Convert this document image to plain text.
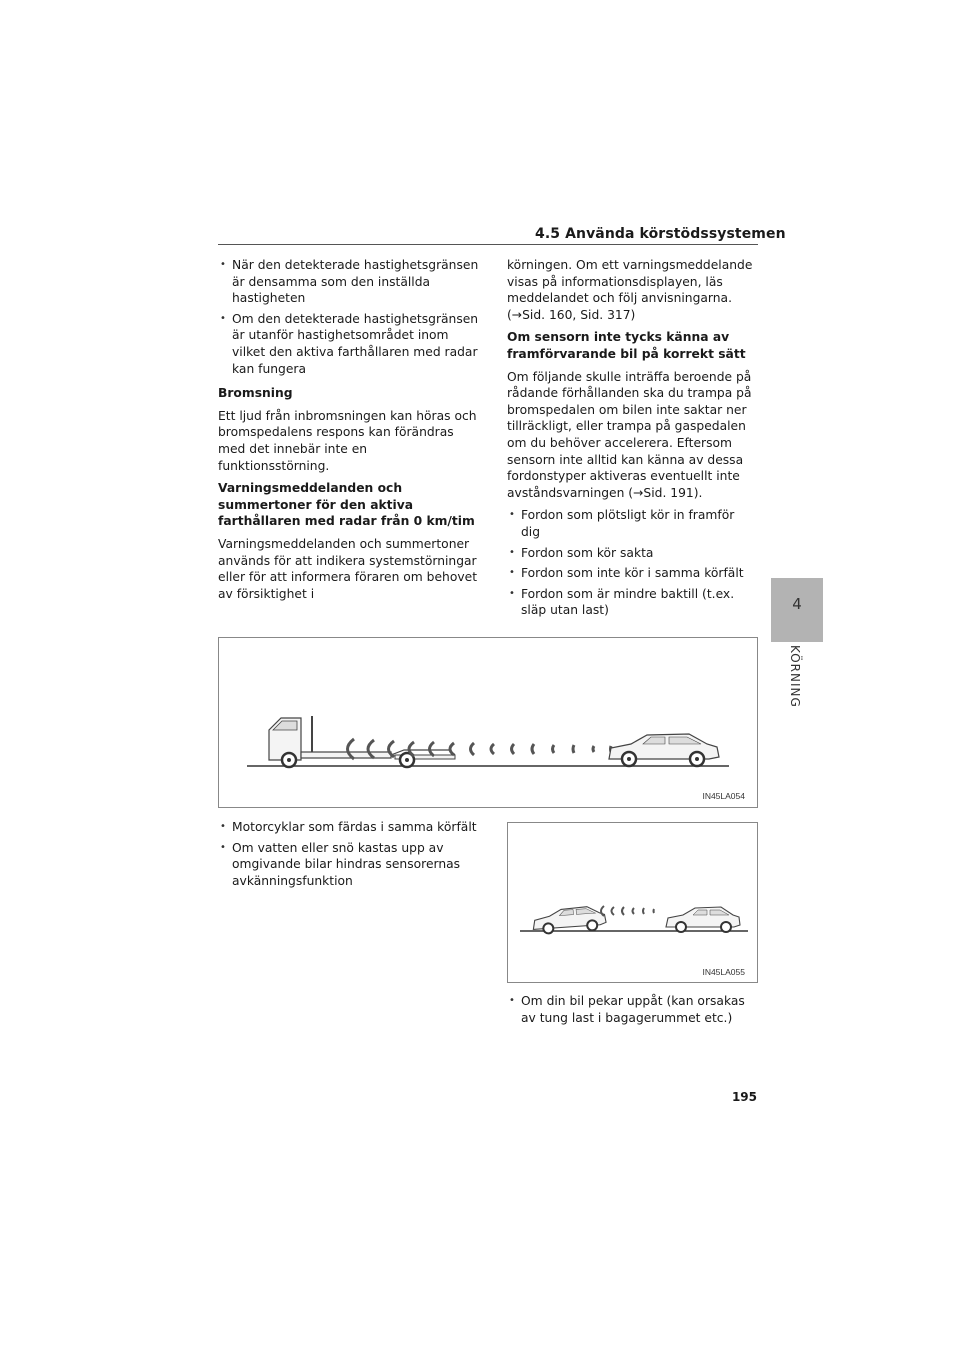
4.5 Använda körstödssystemen
• När den detekterade hastighetsgränsen är densamma som den inställda hastigheten
• Om den detekterade hastighetsgränsen är utanför hastighetsområdet inom vilket den aktiva farthållaren med radar kan fungera
Bromsning
Ett ljud från inbromsningen kan höras och bromspedalens respons kan förändras med det innebär inte en funktionsstörning.
Varningsmeddelanden och summertoner för den aktiva farthållaren med radar från 0 km/tim
Varningsmeddelanden och summertoner används för att indikera systemstörningar eller för att informera föraren om behovet av försiktighet i
körningen. Om ett varningsmeddelande visas på informationsdisplayen, läs meddelandet och följ anvisningarna. (→Sid. 160, Sid. 317)
Om sensorn inte tycks känna av framförvarande bil på korrekt sätt
Om följande skulle inträffa beroende på rådande förhållanden ska du trampa på bromspedalen om bilen inte saktar ner tillräckligt, eller trampa på gaspedalen om du behöver accelerera. Eftersom sensorn inte alltid kan känna av dessa fordonstyper aktiveras eventuellt inte avståndsvarningen (→Sid. 191).
• Fordon som plötsligt kör in framför dig
• Fordon som kör sakta
• Fordon som inte kör i samma körfält
• Fordon som är mindre baktill (t.ex. släp utan last)
IN45LA054
• Motorcyklar som färdas i samma körfält
• Om vatten eller snö kastas upp av omgivande bilar hindras sensorernas avkänningsfunktion
IN45LA055
• Om din bil pekar uppåt (kan orsakas av tung last i bagagerummet etc.)
4
KÖRNING
195
